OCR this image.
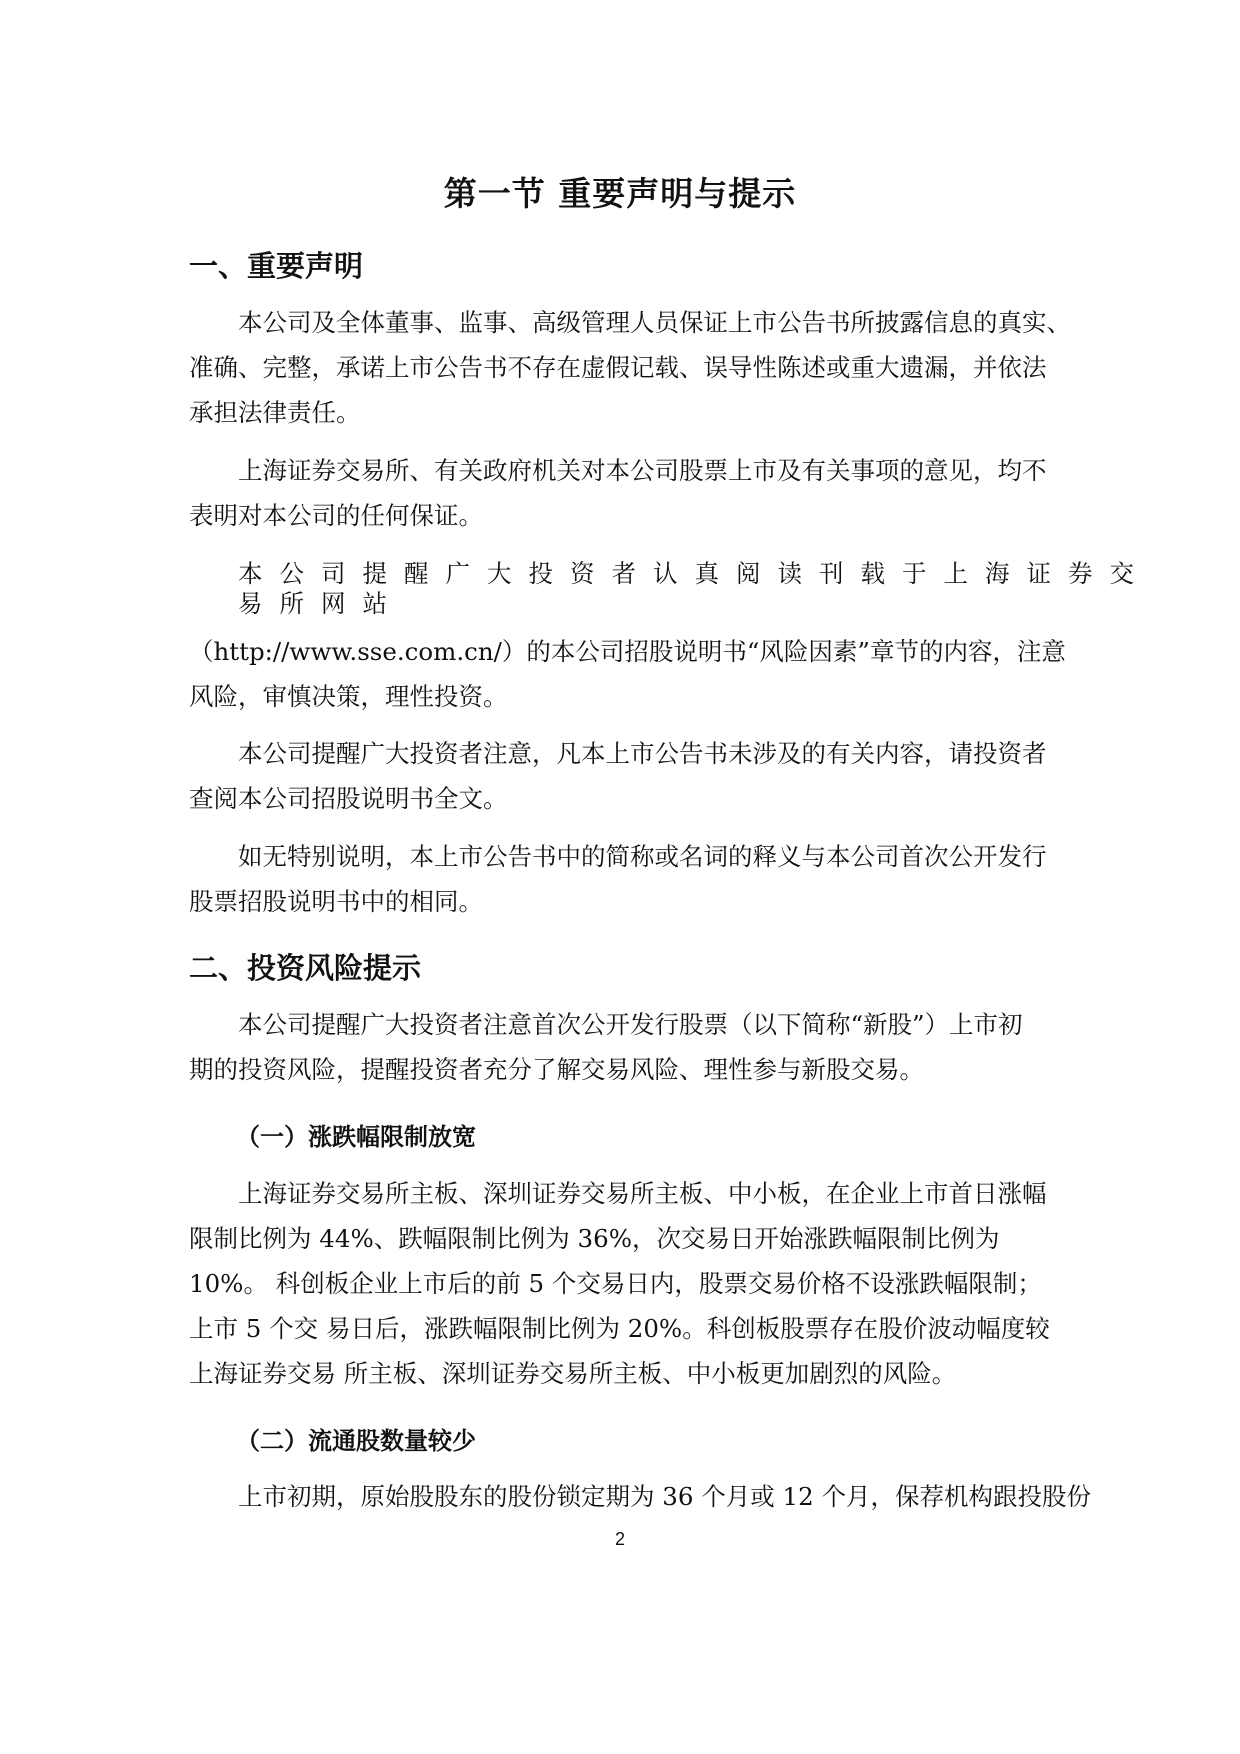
第一节 重要声明与提示
一、重要声明

本公司及全体董事、监事、高级管理人员保证上市公告书所披露信息的真实、

准确、完整，承诺上市公告书不存在虚假记载、误导性陈述或重大遗漏，并依法

承担法律责任。

上海证券交易所、有关政府机关对本公司股票上市及有关事项的意见，均不

表明对本公司的任何保证。

本公司提醒广大投资者认真阅读刊载于上海证券交

易所网站

（http://www.sse.com.cn/）的本公司招股说明书“风险因素”章节的内容，注意

风险，审慎决策，理性投资。

本公司提醒广大投资者注意，凡本上市公告书未涉及的有关内容，请投资者

查阅本公司招股说明书全文。

如无特别说明，本上市公告书中的简称或名词的释义与本公司首次公开发行

股票招股说明书中的相同。

二、投资风险提示

本公司提醒广大投资者注意首次公开发行股票（以下简称“新股”）上市初

期的投资风险，提醒投资者充分了解交易风险、理性参与新股交易。

（一）涨跌幅限制放宽

上海证券交易所主板、深圳证券交易所主板、中小板，在企业上市首日涨幅

限制比例为 44%、跌幅限制比例为 36%，次交易日开始涨跌幅限制比例为

10%。 科创板企业上市后的前 5 个交易日内，股票交易价格不设涨跌幅限制；

上市 5 个交 易日后，涨跌幅限制比例为 20%。科创板股票存在股价波动幅度较

上海证券交易 所主板、深圳证券交易所主板、中小板更加剧烈的风险。

（二）流通股数量较少

上市初期，原始股股东的股份锁定期为 36 个月或 12 个月，保荐机构跟投股份

2
